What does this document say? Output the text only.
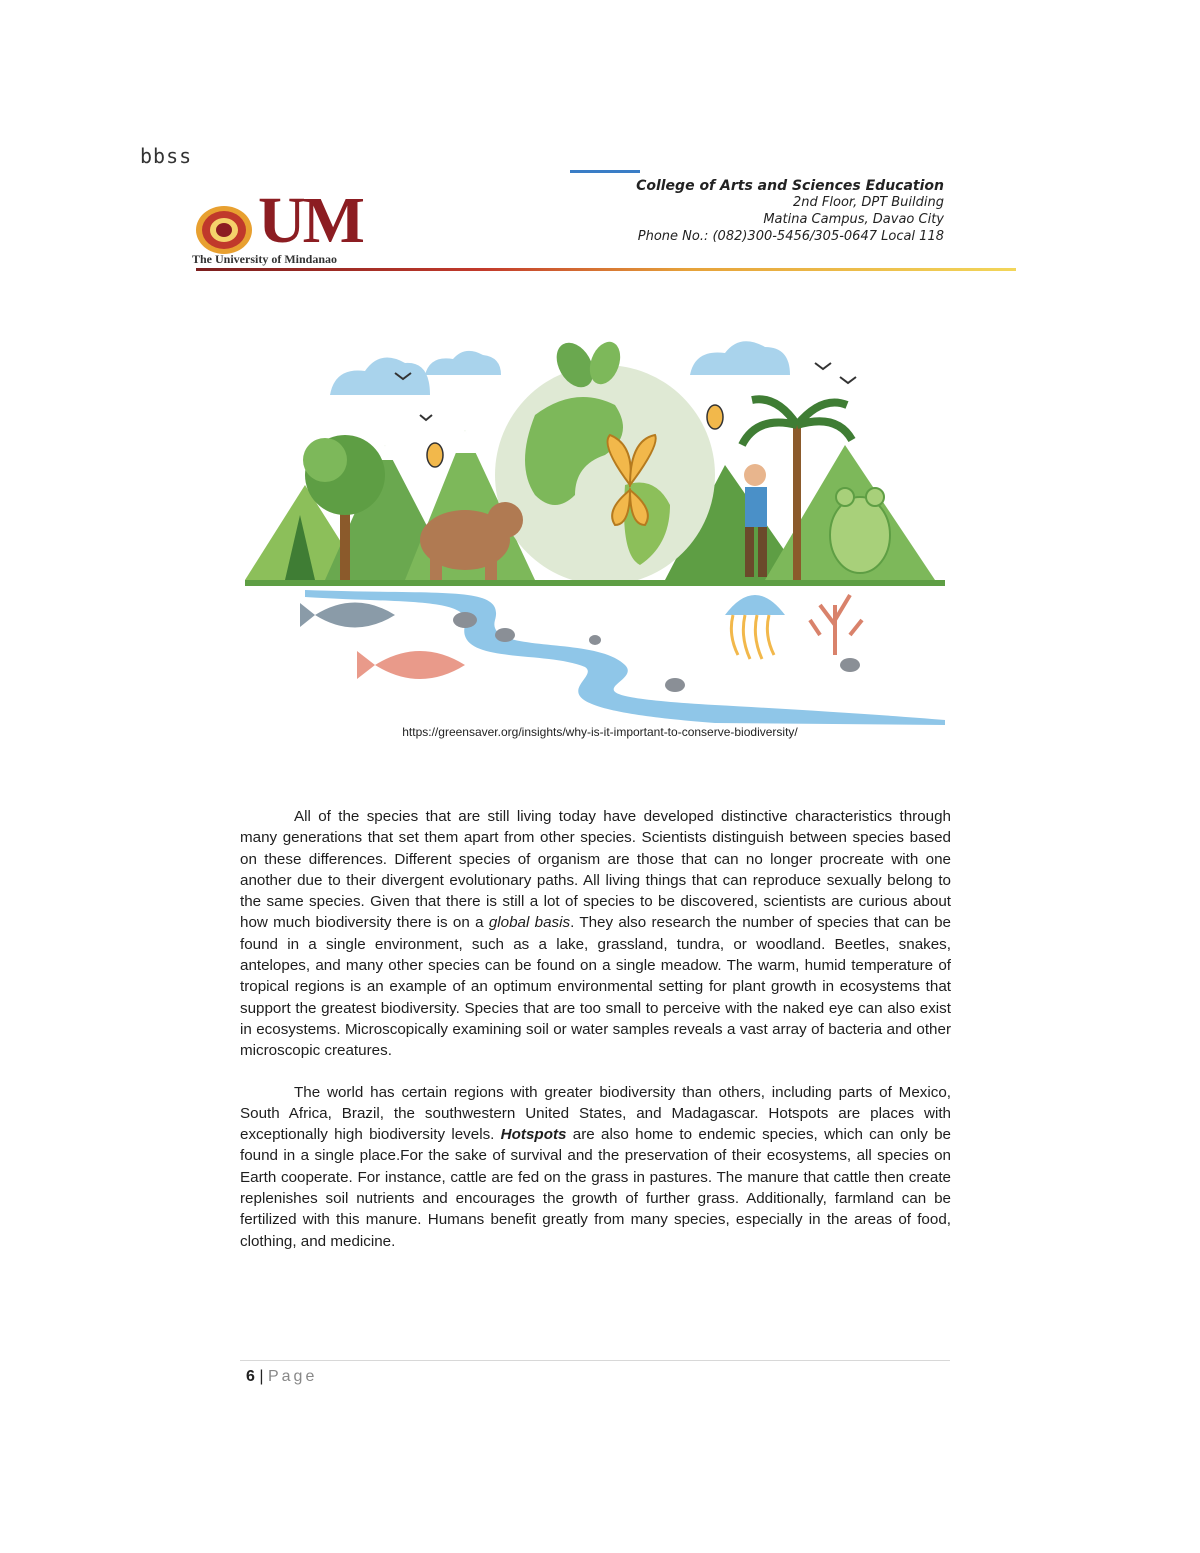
bbss
UM
The University of Mindanao
College of Arts and Sciences Education
2nd Floor, DPT Building
Matina Campus, Davao City
Phone No.: (082)300-5456/305-0647 Local 118
https://greensaver.org/insights/why-is-it-important-to-conserve-biodiversity/

All of the species that are still living today have developed distinctive characteristics through many generations that set them apart from other species. Scientists distinguish between species based on these differences. Different species of organism are those that can no longer procreate with one another due to their divergent evolutionary paths. All living things that can reproduce sexually belong to the same species. Given that there is still a lot of species to be discovered, scientists are curious about how much biodiversity there is on a global basis. They also research the number of species that can be found in a single environment, such as a lake, grassland, tundra, or woodland. Beetles, snakes, antelopes, and many other species can be found on a single meadow. The warm, humid temperature of tropical regions is an example of an optimum environmental setting for plant growth in ecosystems that support the greatest biodiversity. Species that are too small to perceive with the naked eye can also exist in ecosystems. Microscopically examining soil or water samples reveals a vast array of bacteria and other microscopic creatures.

The world has certain regions with greater biodiversity than others, including parts of Mexico, South Africa, Brazil, the southwestern United States, and Madagascar. Hotspots are places with exceptionally high biodiversity levels. Hotspots are also home to endemic species, which can only be found in a single place.For the sake of survival and the preservation of their ecosystems, all species on Earth cooperate. For instance, cattle are fed on the grass in pastures. The manure that cattle then create replenishes soil nutrients and encourages the growth of further grass. Additionally, farmland can be fertilized with this manure. Humans benefit greatly from many species, especially in the areas of food, clothing, and medicine.

6 | Page
